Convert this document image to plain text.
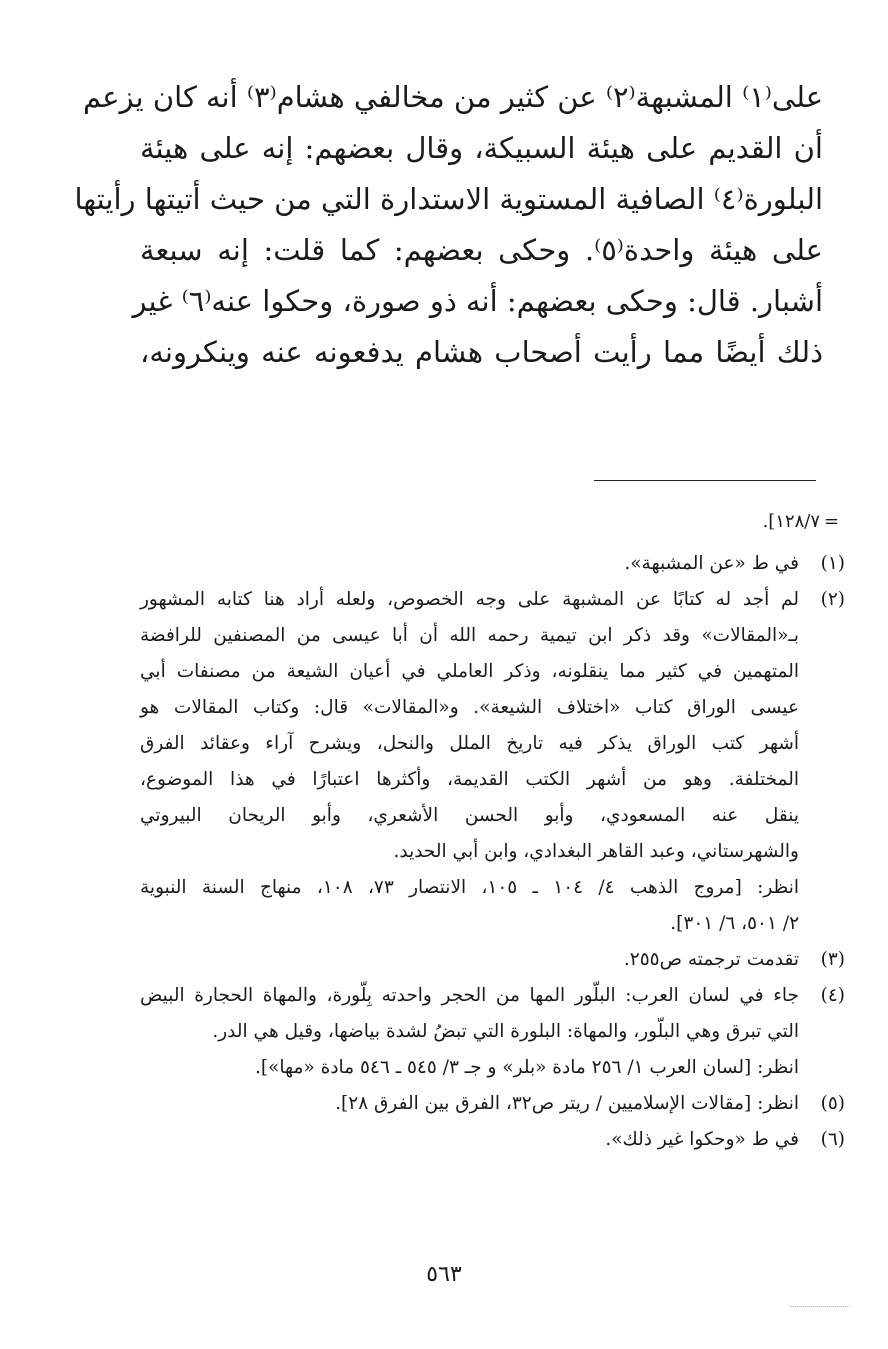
على⁽١⁾ المشبهة⁽٢⁾ عن كثير من مخالفي هشام⁽٣⁾ أنه كان يزعم
أن القديم على هيئة السبيكة، وقال بعضهم: إنه على هيئة
البلورة⁽٤⁾ الصافية المستوية الاستدارة التي من حيث أتيتها رأيتها
على هيئة واحدة⁽٥⁾. وحكى بعضهم: كما قلت: إنه سبعة
أشبار. قال: وحكى بعضهم: أنه ذو صورة، وحكوا عنه⁽٦⁾ غير
ذلك أيضًا مما رأيت أصحاب هشام يدفعونه عنه وينكرونه،
١٢٨/٧]. =
(١)
في ط «عن المشبهة».
(٢)
لم أجد له كتابًا عن المشبهة على وجه الخصوص، ولعله أراد هنا كتابه المشهور
بـ«المقالات» وقد ذكر ابن تيمية رحمه الله أن أبا عيسى من المصنفين للرافضة
المتهمين في كثير مما ينقلونه، وذكر العاملي في أعيان الشيعة من مصنفات أبي
عيسى الوراق كتاب «اختلاف الشيعة». و«المقالات» قال: وكتاب المقالات هو
أشهر كتب الوراق يذكر فيه تاريخ الملل والنحل، ويشرح آراء وعقائد الفرق
المختلفة. وهو من أشهر الكتب القديمة، وأكثرها اعتبارًا في هذا الموضوع،
ينقل عنه المسعودي، وأبو الحسن الأشعري، وأبو الريحان البيروتي
والشهرستاني، وعبد القاهر البغدادي، وابن أبي الحديد.
انظر: [مروج الذهب ٤/ ١٠٤ ـ ١٠٥، الانتصار ٧٣، ١٠٨، منهاج السنة النبوية
٢/ ٥٠١، ٦/ ٣٠١].
(٣)
تقدمت ترجمته ص٢٥٥.
(٤)
جاء في لسان العرب: البلّور المها من الحجر واحدته بِلّورة، والمهاة الحجارة البيض
التي تبرق وهي البلّور، والمهاة: البلورة التي تبضُ لشدة بياضها، وقيل هي الدر.
انظر: [لسان العرب ١/ ٢٥٦ مادة «بلر» و جـ ٣/ ٥٤٥ ـ ٥٤٦ مادة «مها»].
(٥)
انظر: [مقالات الإسلاميين / ريتر ص٣٢، الفرق بين الفرق ٢٨].
(٦)
في ط «وحكوا غير ذلك».
٥٦٣
